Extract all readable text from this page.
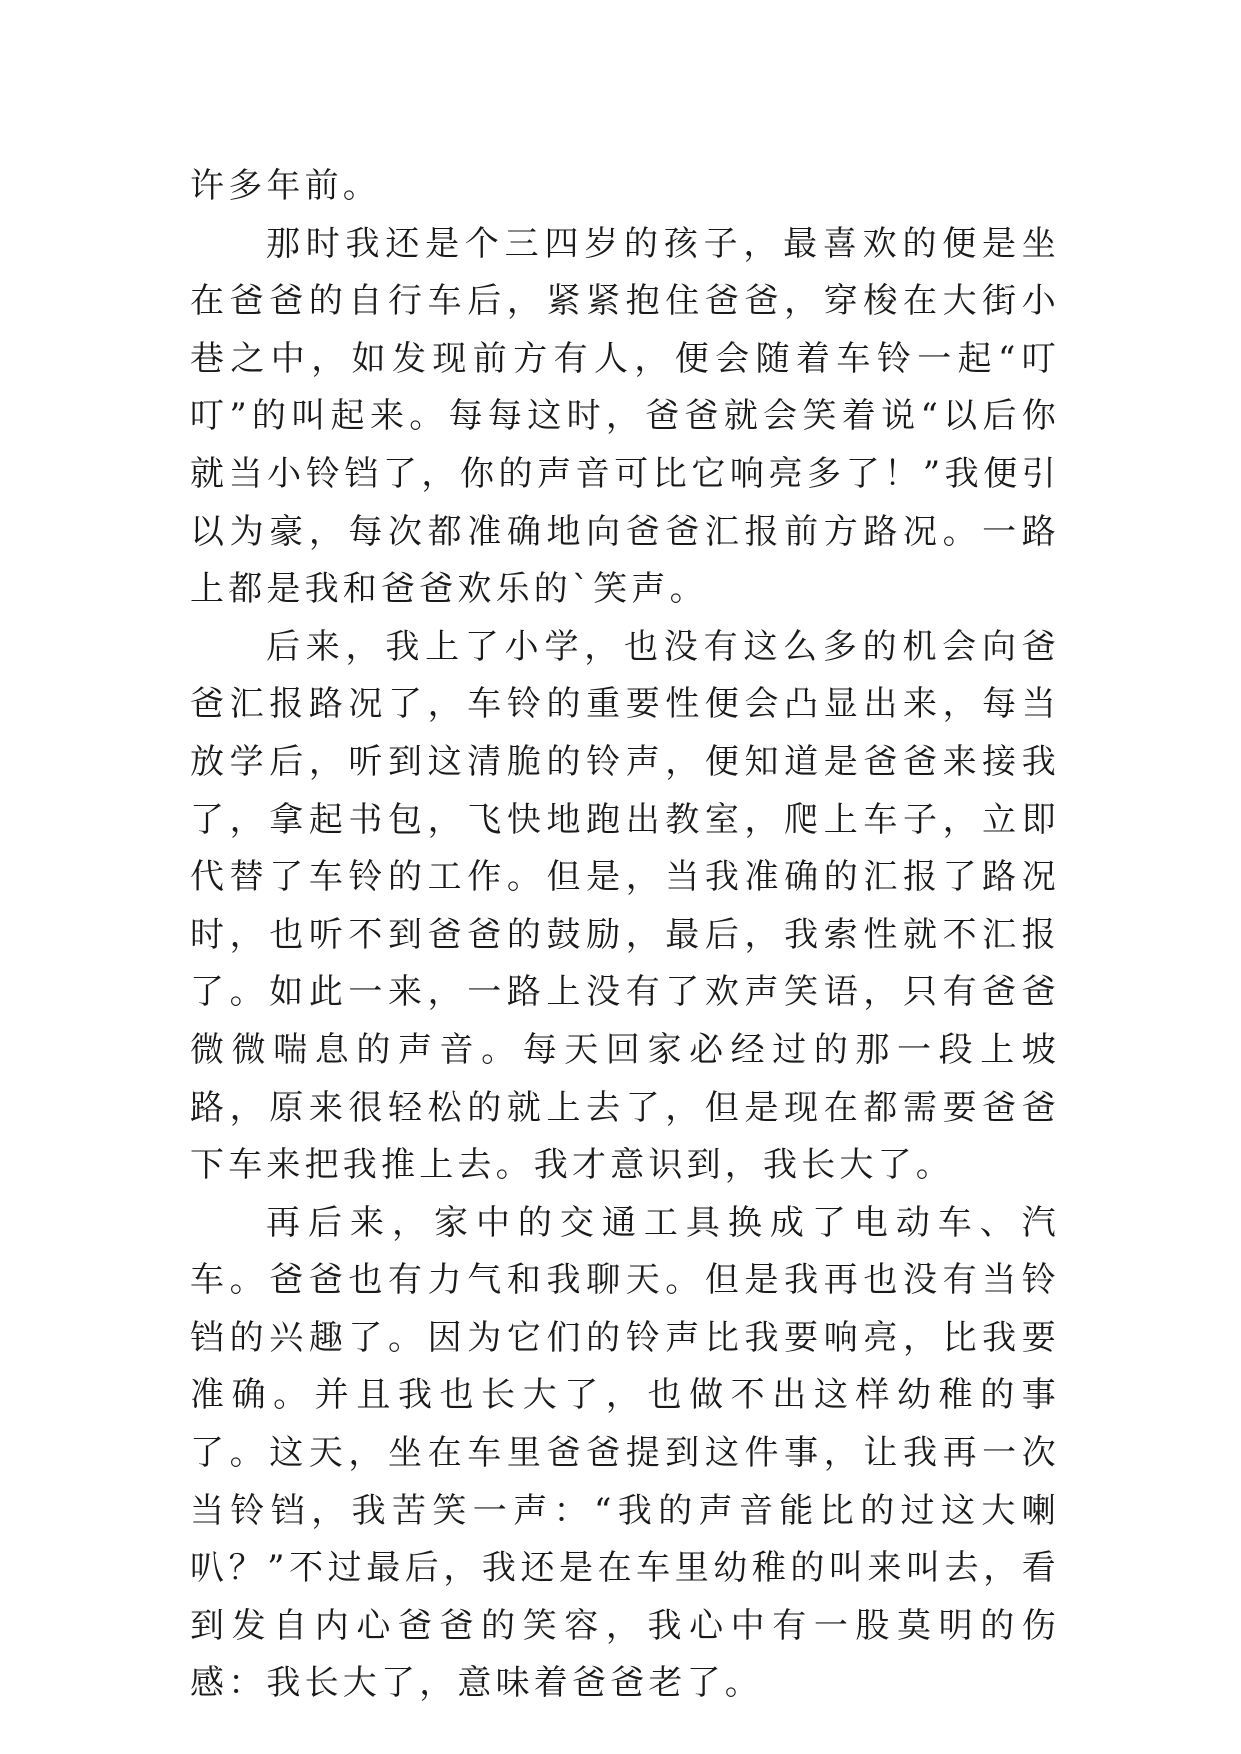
许多年前。

那时我还是个三四岁的孩子，最喜欢的便是坐在爸爸的自行车后，紧紧抱住爸爸，穿梭在大街小巷之中，如发现前方有人，便会随着车铃一起“叮叮”的叫起来。每每这时，爸爸就会笑着说“以后你就当小铃铛了，你的声音可比它响亮多了！”我便引以为豪，每次都准确地向爸爸汇报前方路况。一路上都是我和爸爸欢乐的`笑声。

后来，我上了小学，也没有这么多的机会向爸爸汇报路况了，车铃的重要性便会凸显出来，每当放学后，听到这清脆的铃声，便知道是爸爸来接我了，拿起书包，飞快地跑出教室，爬上车子，立即代替了车铃的工作。但是，当我准确的汇报了路况时，也听不到爸爸的鼓励，最后，我索性就不汇报了。如此一来，一路上没有了欢声笑语，只有爸爸微微喘息的声音。每天回家必经过的那一段上坡路，原来很轻松的就上去了，但是现在都需要爸爸下车来把我推上去。我才意识到，我长大了。

再后来，家中的交通工具换成了电动车、汽车。爸爸也有力气和我聊天。但是我再也没有当铃铛的兴趣了。因为它们的铃声比我要响亮，比我要准确。并且我也长大了，也做不出这样幼稚的事了。这天，坐在车里爸爸提到这件事，让我再一次当铃铛，我苦笑一声：“我的声音能比的过这大喇叭？”不过最后，我还是在车里幼稚的叫来叫去，看到发自内心爸爸的笑容，我心中有一股莫明的伤感：我长大了，意味着爸爸老了。
